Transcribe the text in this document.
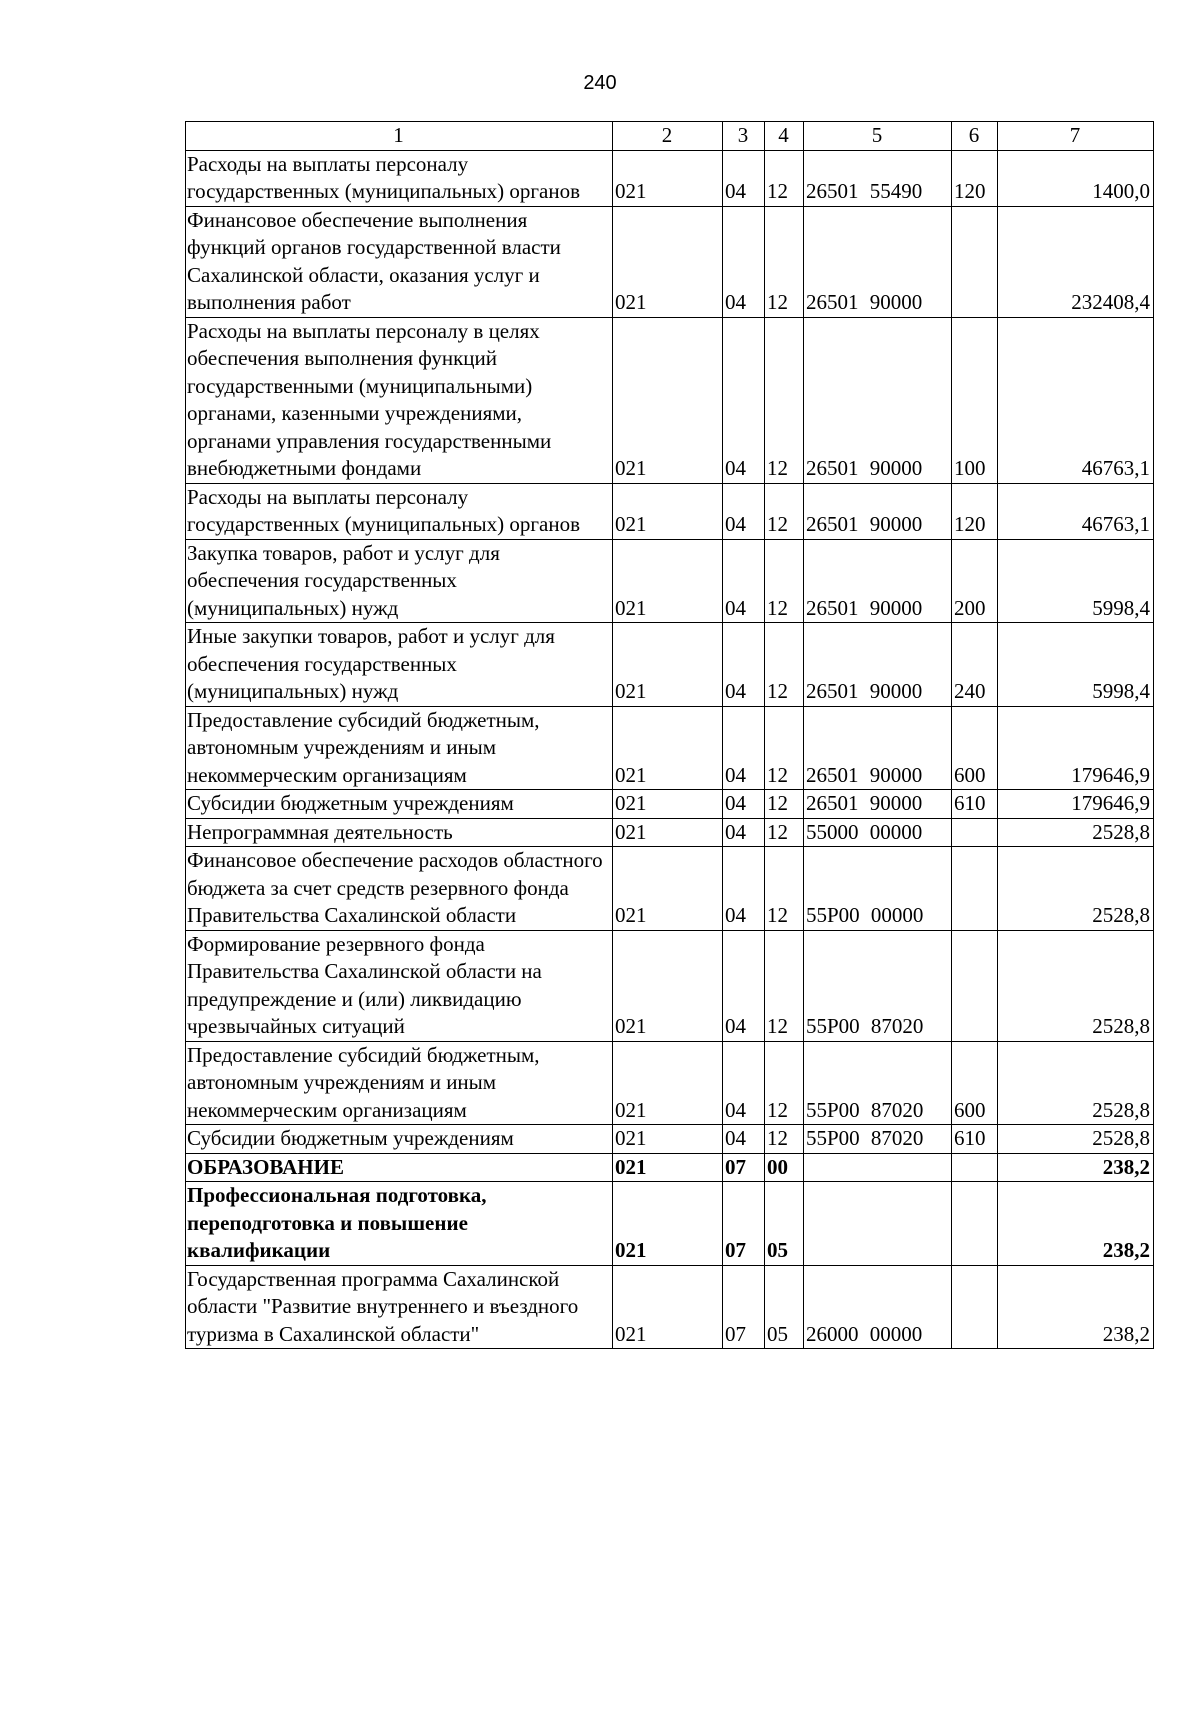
240
1	2	3	4	5	6	7
Расходы на выплаты персоналу государственных (муниципальных) органов	021	04	12	26501 55490	120	1400,0
Финансовое обеспечение выполнения функций органов государственной власти Сахалинской области, оказания услуг и выполнения работ	021	04	12	26501 90000		232408,4
Расходы на выплаты персоналу в целях обеспечения выполнения функций государственными (муниципальными) органами, казенными учреждениями, органами управления государственными внебюджетными фондами	021	04	12	26501 90000	100	46763,1
Расходы на выплаты персоналу государственных (муниципальных) органов	021	04	12	26501 90000	120	46763,1
Закупка товаров, работ и услуг для обеспечения государственных (муниципальных) нужд	021	04	12	26501 90000	200	5998,4
Иные закупки товаров, работ и услуг для обеспечения государственных (муниципальных) нужд	021	04	12	26501 90000	240	5998,4
Предоставление субсидий бюджетным, автономным учреждениям и иным некоммерческим организациям	021	04	12	26501 90000	600	179646,9
Субсидии бюджетным учреждениям	021	04	12	26501 90000	610	179646,9
Непрограммная деятельность	021	04	12	55000 00000		2528,8
Финансовое обеспечение расходов областного бюджета за счет средств резервного фонда Правительства Сахалинской области	021	04	12	55Р00 00000		2528,8
Формирование резервного фонда Правительства Сахалинской области на предупреждение и (или) ликвидацию чрезвычайных ситуаций	021	04	12	55Р00 87020		2528,8
Предоставление субсидий бюджетным, автономным учреждениям и иным некоммерческим организациям	021	04	12	55Р00 87020	600	2528,8
Субсидии бюджетным учреждениям	021	04	12	55Р00 87020	610	2528,8
ОБРАЗОВАНИЕ	021	07	00			238,2
Профессиональная подготовка, переподготовка и повышение квалификации	021	07	05			238,2
Государственная программа Сахалинской области "Развитие внутреннего и въездного туризма в Сахалинской области"	021	07	05	26000 00000		238,2
